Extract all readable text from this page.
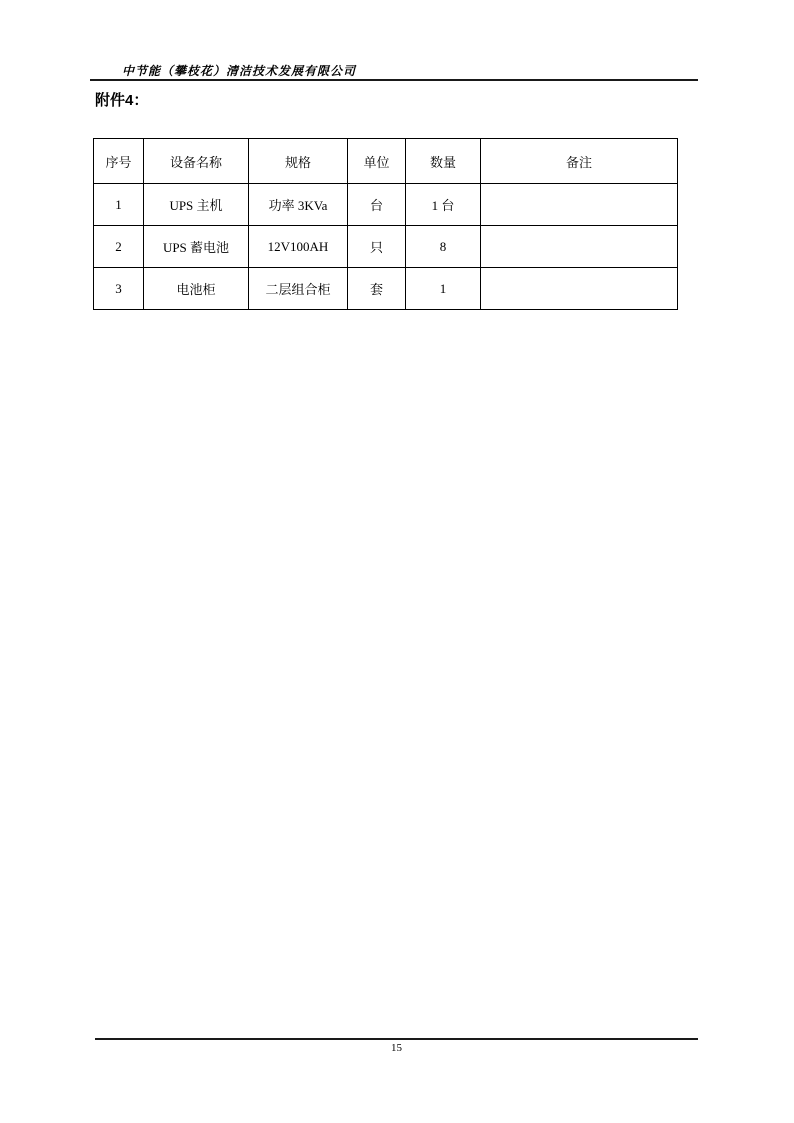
中节能（攀枝花）清洁技术发展有限公司
附件4：
序号	设备名称	规格	单位	数量	备注
1	UPS 主机	功率 3KVa	台	1 台	
2	UPS 蓄电池	12V100AH	只	8	
3	电池柜	二层组合柜	套	1	
15
